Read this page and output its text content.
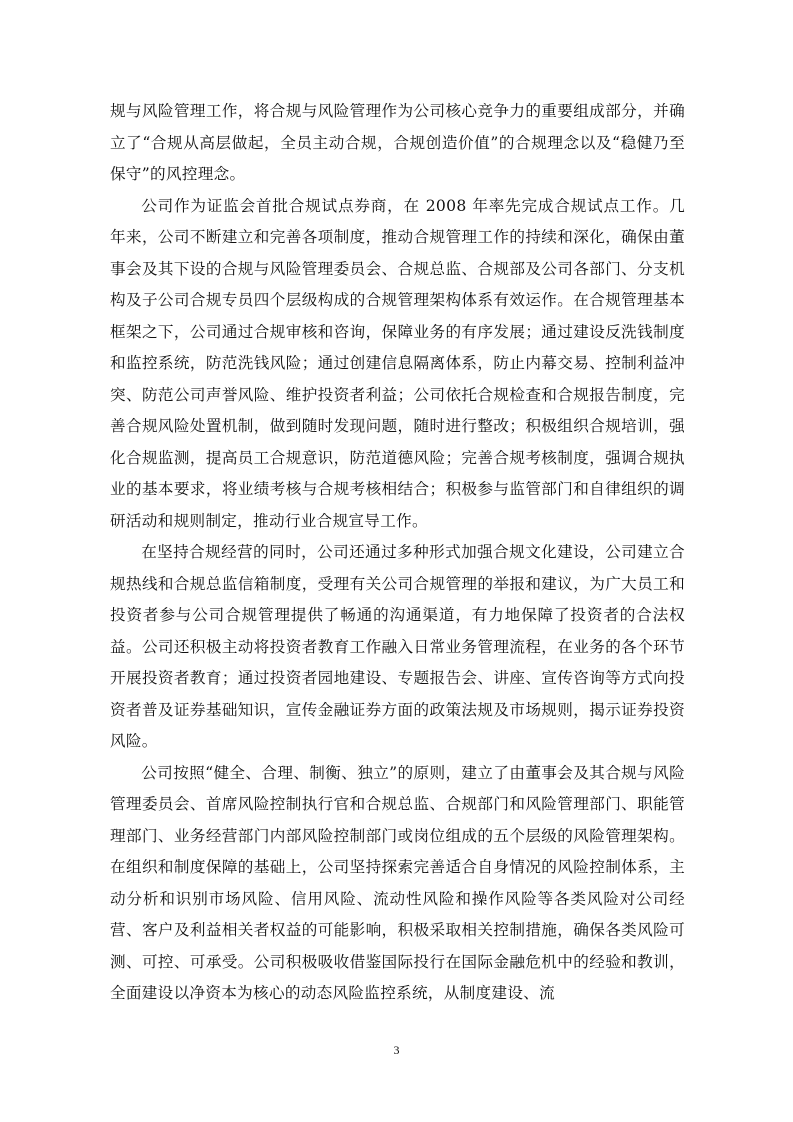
规与风险管理工作，将合规与风险管理作为公司核心竞争力的重要组成部分，并确立了“合规从高层做起，全员主动合规，合规创造价值”的合规理念以及“稳健乃至保守”的风控理念。

公司作为证监会首批合规试点券商，在 2008 年率先完成合规试点工作。几年来，公司不断建立和完善各项制度，推动合规管理工作的持续和深化，确保由董事会及其下设的合规与风险管理委员会、合规总监、合规部及公司各部门、分支机构及子公司合规专员四个层级构成的合规管理架构体系有效运作。在合规管理基本框架之下，公司通过合规审核和咨询，保障业务的有序发展；通过建设反洗钱制度和监控系统，防范洗钱风险；通过创建信息隔离体系，防止内幕交易、控制利益冲突、防范公司声誉风险、维护投资者利益；公司依托合规检查和合规报告制度，完善合规风险处置机制，做到随时发现问题，随时进行整改；积极组织合规培训，强化合规监测，提高员工合规意识，防范道德风险；完善合规考核制度，强调合规执业的基本要求，将业绩考核与合规考核相结合；积极参与监管部门和自律组织的调研活动和规则制定，推动行业合规宣导工作。

在坚持合规经营的同时，公司还通过多种形式加强合规文化建设，公司建立合规热线和合规总监信箱制度，受理有关公司合规管理的举报和建议，为广大员工和投资者参与公司合规管理提供了畅通的沟通渠道，有力地保障了投资者的合法权益。公司还积极主动将投资者教育工作融入日常业务管理流程，在业务的各个环节开展投资者教育；通过投资者园地建设、专题报告会、讲座、宣传咨询等方式向投资者普及证券基础知识，宣传金融证券方面的政策法规及市场规则，揭示证券投资风险。

公司按照“健全、合理、制衡、独立”的原则，建立了由董事会及其合规与风险管理委员会、首席风险控制执行官和合规总监、合规部门和风险管理部门、职能管理部门、业务经营部门内部风险控制部门或岗位组成的五个层级的风险管理架构。在组织和制度保障的基础上，公司坚持探索完善适合自身情况的风险控制体系，主动分析和识别市场风险、信用风险、流动性风险和操作风险等各类风险对公司经营、客户及利益相关者权益的可能影响，积极采取相关控制措施，确保各类风险可测、可控、可承受。公司积极吸收借鉴国际投行在国际金融危机中的经验和教训，全面建设以净资本为核心的动态风险监控系统，从制度建设、流

3
